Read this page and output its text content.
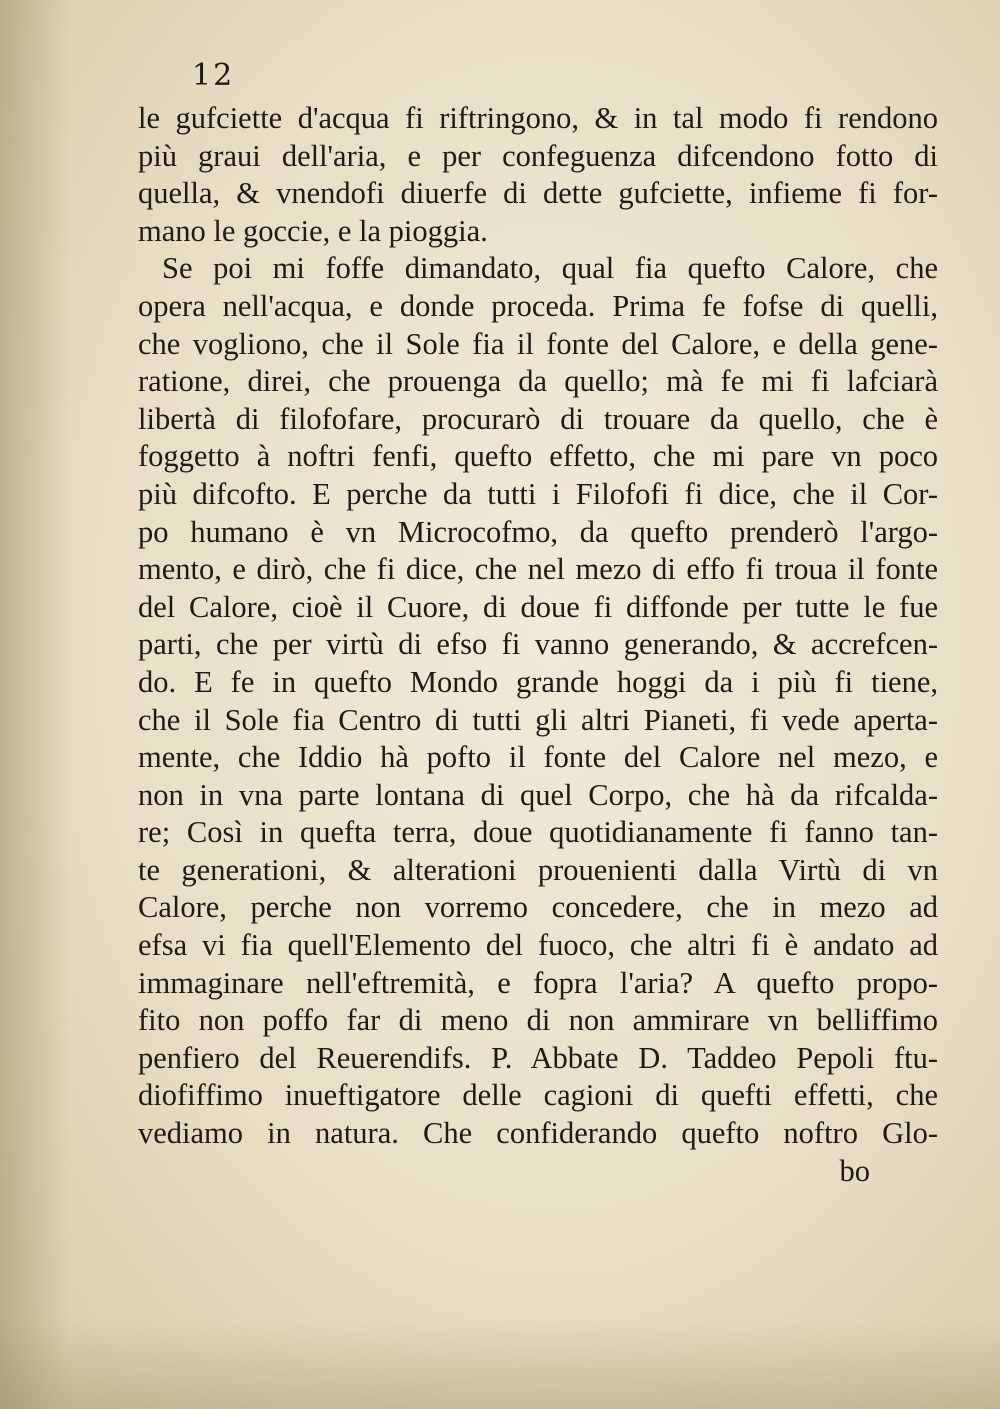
12
le gufciette d'acqua fi riftringono, & in tal modo fi rendono
più graui dell'aria, e per confeguenza difcendono fotto di
quella, & vnendofi diuerfe di dette gufciette, infieme fi for-
mano le goccie, e la pioggia.
Se poi mi foffe dimandato, qual fia quefto Calore, che
opera nell'acqua, e donde proceda. Prima fe fofse di quelli,
che vogliono, che il Sole fia il fonte del Calore, e della gene-
ratione, direi, che prouenga da quello; mà fe mi fi lafciarà
libertà di filofofare, procurarò di trouare da quello, che è
foggetto à noftri fenfi, quefto effetto, che mi pare vn poco
più difcofto. E perche da tutti i Filofofi fi dice, che il Cor-
po humano è vn Microcofmo, da quefto prenderò l'argo-
mento, e dirò, che fi dice, che nel mezo di effo fi troua il fonte
del Calore, cioè il Cuore, di doue fi diffonde per tutte le fue
parti, che per virtù di efso fi vanno generando, & accrefcen-
do. E fe in quefto Mondo grande hoggi da i più fi tiene,
che il Sole fia Centro di tutti gli altri Pianeti, fi vede aperta-
mente, che Iddio hà pofto il fonte del Calore nel mezo, e
non in vna parte lontana di quel Corpo, che hà da rifcalda-
re; Così in quefta terra, doue quotidianamente fi fanno tan-
te generationi, & alterationi prouenienti dalla Virtù di vn
Calore, perche non vorremo concedere, che in mezo ad
efsa vi fia quell'Elemento del fuoco, che altri fi è andato ad
immaginare nell'eftremità, e fopra l'aria? A quefto propo-
fito non poffo far di meno di non ammirare vn belliffimo
penfiero del Reuerendifs. P. Abbate D. Taddeo Pepoli ftu-
diofiffimo inueftigatore delle cagioni di quefti effetti, che
vediamo in natura. Che confiderando quefto noftro Glo-
bo
